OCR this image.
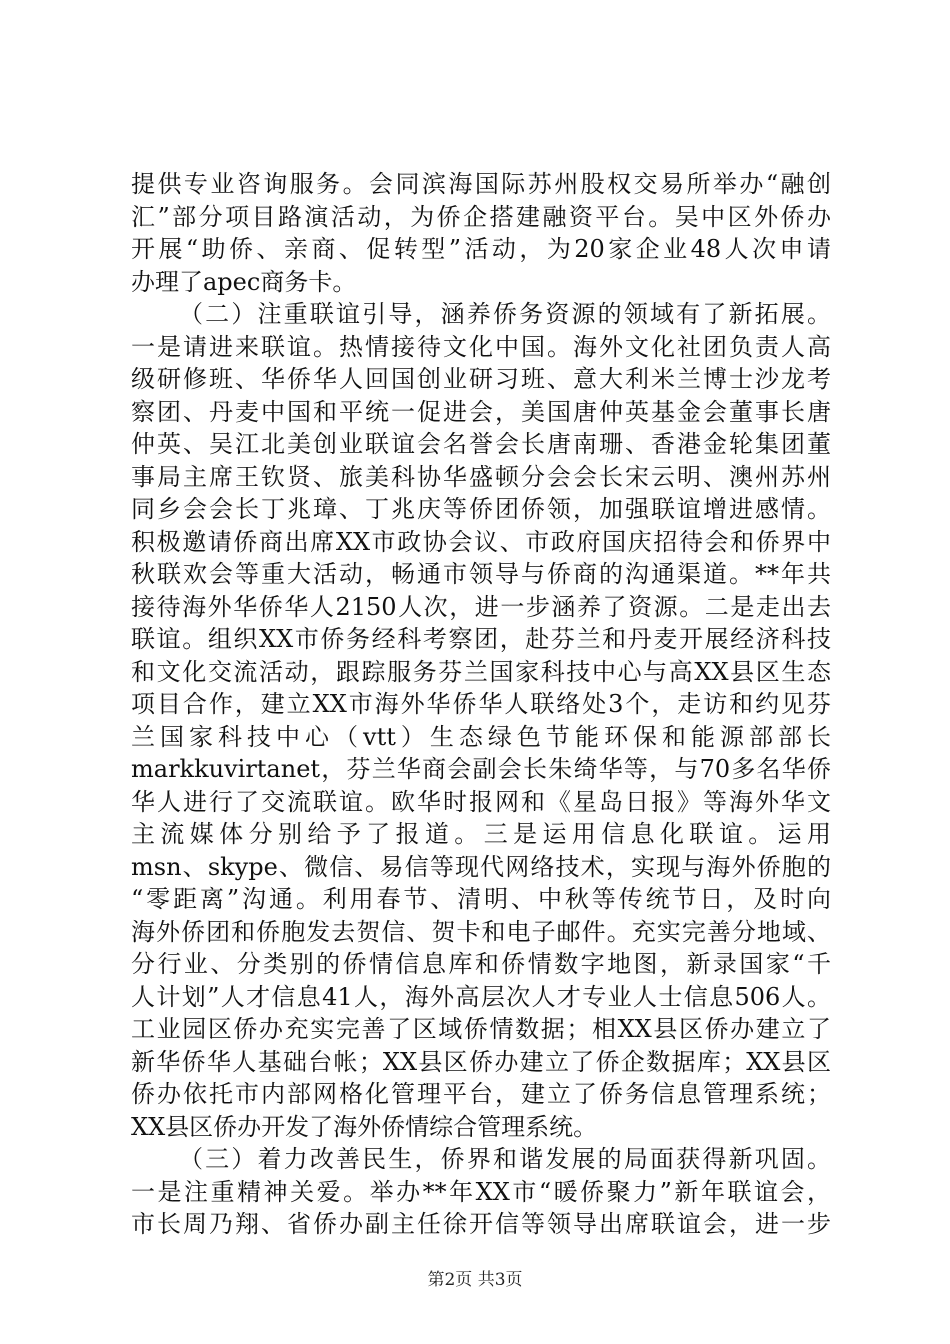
提供专业咨询服务。会同滨海国际苏州股权交易所举办“融创
汇”部分项目路演活动，为侨企搭建融资平台。吴中区外侨办
开展“助侨、亲商、促转型”活动，为20家企业48人次申请
办理了apec商务卡。
（二）注重联谊引导，涵养侨务资源的领域有了新拓展。
一是请进来联谊。热情接待文化中国。海外文化社团负责人高
级研修班、华侨华人回国创业研习班、意大利米兰博士沙龙考
察团、丹麦中国和平统一促进会，美国唐仲英基金会董事长唐
仲英、吴江北美创业联谊会名誉会长唐南珊、香港金轮集团董
事局主席王钦贤、旅美科协华盛顿分会会长宋云明、澳州苏州
同乡会会长丁兆璋、丁兆庆等侨团侨领，加强联谊增进感情。
积极邀请侨商出席XX市政协会议、市政府国庆招待会和侨界中
秋联欢会等重大活动，畅通市领导与侨商的沟通渠道。**年共
接待海外华侨华人2150人次，进一步涵养了资源。二是走出去
联谊。组织XX市侨务经科考察团，赴芬兰和丹麦开展经济科技
和文化交流活动，跟踪服务芬兰国家科技中心与高XX县区生态
项目合作，建立XX市海外华侨华人联络处3个，走访和约见芬
兰国家科技中心（vtt）生态绿色节能环保和能源部部长
markkuvirtanet，芬兰华商会副会长朱绮华等，与70多名华侨
华人进行了交流联谊。欧华时报网和《星岛日报》等海外华文
主流媒体分别给予了报道。三是运用信息化联谊。运用
msn、skype、微信、易信等现代网络技术，实现与海外侨胞的
“零距离”沟通。利用春节、清明、中秋等传统节日，及时向
海外侨团和侨胞发去贺信、贺卡和电子邮件。充实完善分地域、
分行业、分类别的侨情信息库和侨情数字地图，新录国家“千
人计划”人才信息41人，海外高层次人才专业人士信息506人。
工业园区侨办充实完善了区域侨情数据；相XX县区侨办建立了
新华侨华人基础台帐；XX县区侨办建立了侨企数据库；XX县区
侨办依托市内部网格化管理平台，建立了侨务信息管理系统；
XX县区侨办开发了海外侨情综合管理系统。
（三）着力改善民生，侨界和谐发展的局面获得新巩固。
一是注重精神关爱。举办**年XX市“暖侨聚力”新年联谊会，
市长周乃翔、省侨办副主任徐开信等领导出席联谊会，进一步
第2页 共3页
